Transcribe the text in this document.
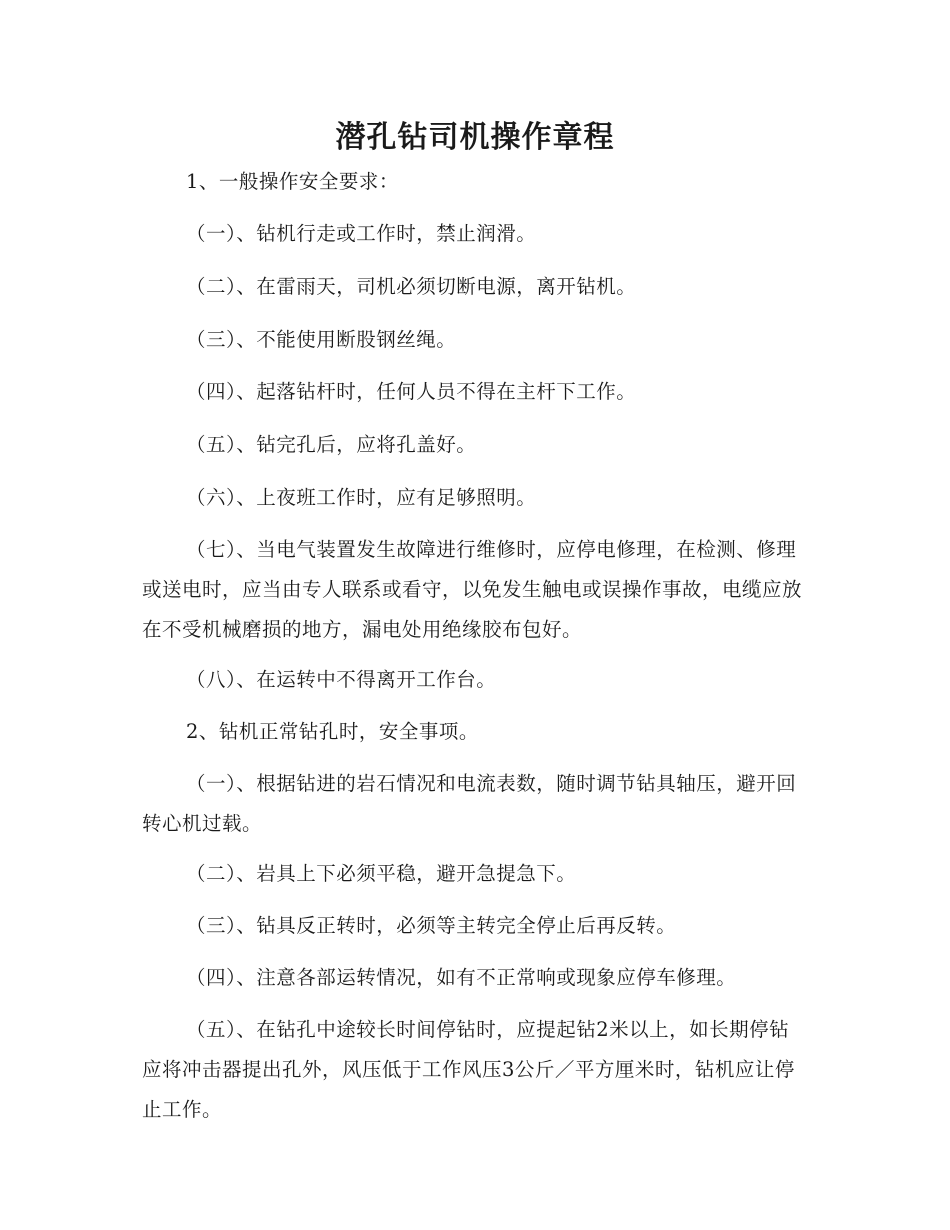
潜孔钻司机操作章程

1、一般操作安全要求：

（一）、钻机行走或工作时，禁止润滑。

（二）、在雷雨天，司机必须切断电源，离开钻机。

（三）、不能使用断股钢丝绳。

（四）、起落钻杆时，任何人员不得在主杆下工作。

（五）、钻完孔后，应将孔盖好。

（六）、上夜班工作时，应有足够照明。

（七）、当电气装置发生故障进行维修时，应停电修理，在检测、修理或送电时，应当由专人联系或看守，以免发生触电或误操作事故，电缆应放在不受机械磨损的地方，漏电处用绝缘胶布包好。

（八）、在运转中不得离开工作台。

2、钻机正常钻孔时，安全事项。

（一）、根据钻进的岩石情况和电流表数，随时调节钻具轴压，避开回转心机过载。

（二）、岩具上下必须平稳，避开急提急下。

（三）、钻具反正转时，必须等主转完全停止后再反转。

（四）、注意各部运转情况，如有不正常响或现象应停车修理。

（五）、在钻孔中途较长时间停钻时，应提起钻2米以上，如长期停钻应将冲击器提出孔外，风压低于工作风压3公斤／平方厘米时，钻机应让停止工作。
